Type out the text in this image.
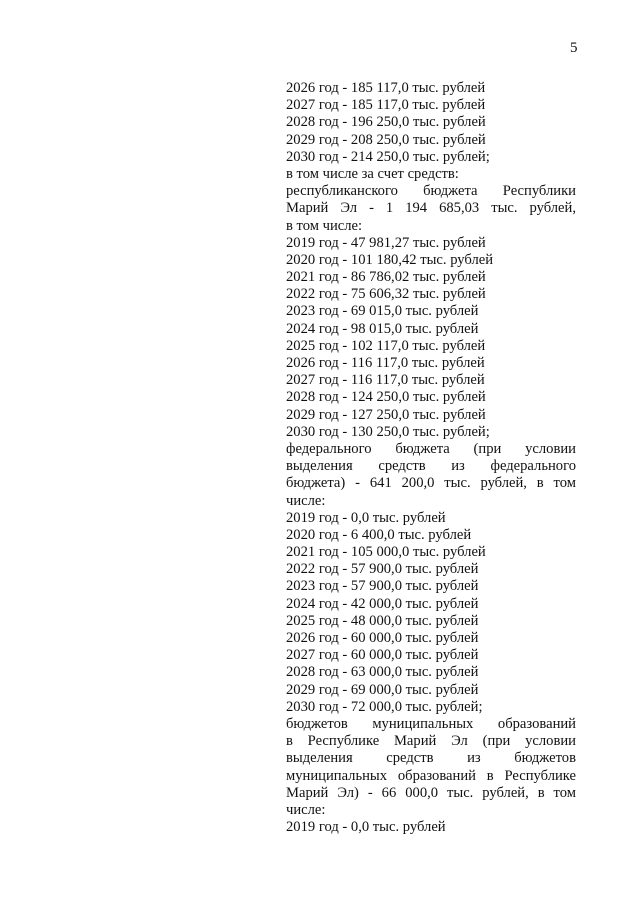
5
2026 год - 185 117,0 тыс. рублей
2027 год - 185 117,0 тыс. рублей
2028 год - 196 250,0 тыс. рублей
2029 год - 208 250,0 тыс. рублей
2030 год - 214 250,0 тыс. рублей;
в том числе за счет средств:
республиканского бюджета Республики
Марий Эл - 1 194 685,03 тыс. рублей,
в том числе:
2019 год - 47 981,27 тыс. рублей
2020 год - 101 180,42 тыс. рублей
2021 год - 86 786,02 тыс. рублей
2022 год - 75 606,32 тыс. рублей
2023 год - 69 015,0 тыс. рублей
2024 год - 98 015,0 тыс. рублей
2025 год - 102 117,0 тыс. рублей
2026 год - 116 117,0 тыс. рублей
2027 год - 116 117,0 тыс. рублей
2028 год - 124 250,0 тыс. рублей
2029 год - 127 250,0 тыс. рублей
2030 год - 130 250,0 тыс. рублей;
федерального бюджета (при условии
выделения средств из федерального
бюджета) - 641 200,0 тыс. рублей, в том
числе:
2019 год - 0,0 тыс. рублей
2020 год - 6 400,0 тыс. рублей
2021 год - 105 000,0 тыс. рублей
2022 год - 57 900,0 тыс. рублей
2023 год - 57 900,0 тыс. рублей
2024 год - 42 000,0 тыс. рублей
2025 год - 48 000,0 тыс. рублей
2026 год - 60 000,0 тыс. рублей
2027 год - 60 000,0 тыс. рублей
2028 год - 63 000,0 тыс. рублей
2029 год - 69 000,0 тыс. рублей
2030 год - 72 000,0 тыс. рублей;
бюджетов муниципальных образований
в Республике Марий Эл (при условии
выделения средств из бюджетов
муниципальных образований в Республике
Марий Эл) - 66 000,0 тыс. рублей, в том
числе:
2019 год - 0,0 тыс. рублей
